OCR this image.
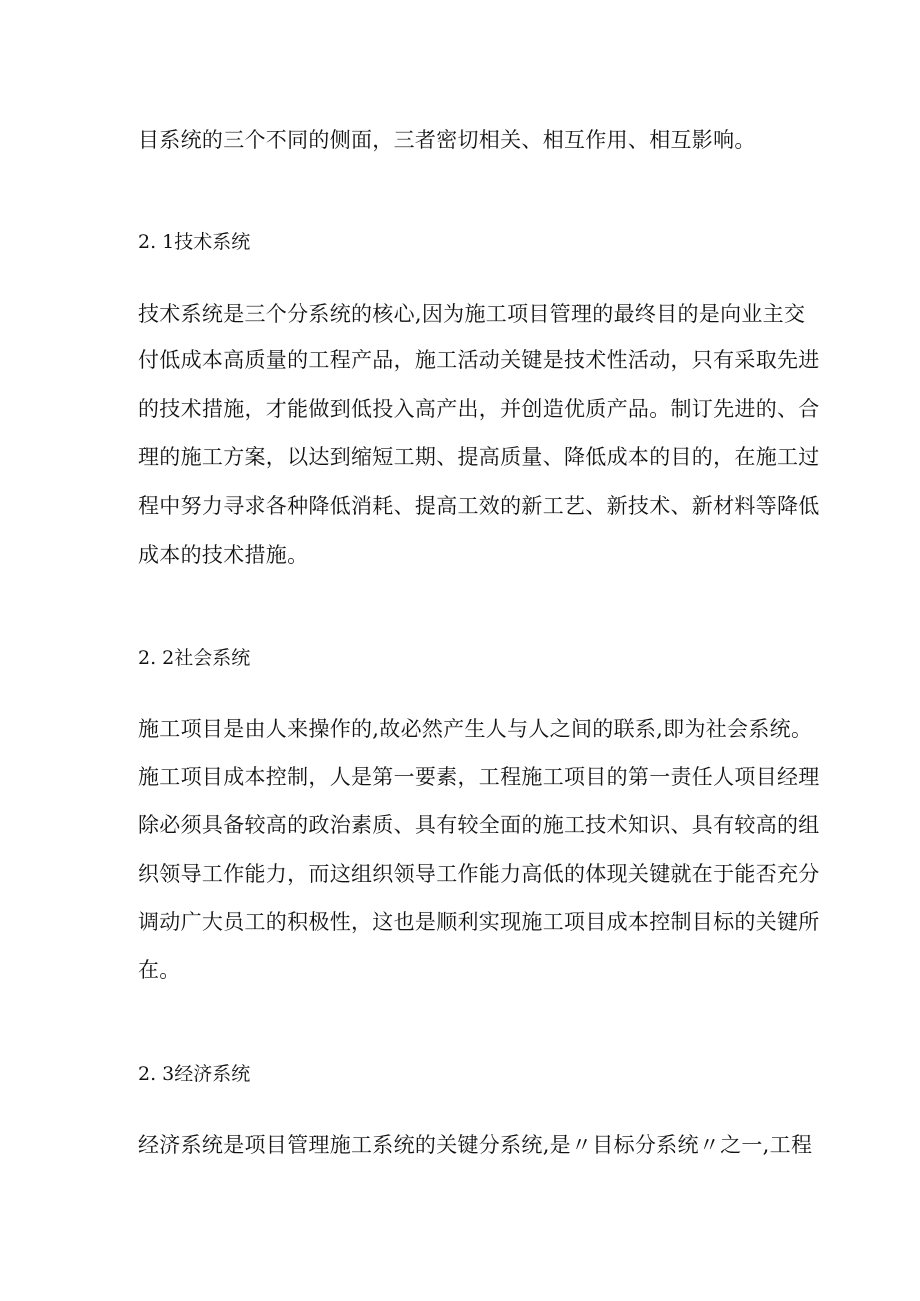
目系统的三个不同的侧面，三者密切相关、相互作用、相互影响。
2. 1技术系统
技术系统是三个分系统的核心,因为施工项目管理的最终目的是向业主交
付低成本高质量的工程产品，施工活动关键是技术性活动，只有采取先进
的技术措施，才能做到低投入高产出，并创造优质产品。制订先进的、合
理的施工方案，以达到缩短工期、提高质量、降低成本的目的，在施工过
程中努力寻求各种降低消耗、提高工效的新工艺、新技术、新材料等降低
成本的技术措施。
2. 2社会系统
施工项目是由人来操作的,故必然产生人与人之间的联系,即为社会系统。
施工项目成本控制，人是第一要素，工程施工项目的第一责任人项目经理
除必须具备较高的政治素质、具有较全面的施工技术知识、具有较高的组
织领导工作能力，而这组织领导工作能力高低的体现关键就在于能否充分
调动广大员工的积极性，这也是顺利实现施工项目成本控制目标的关键所
在。
2. 3经济系统
经济系统是项目管理施工系统的关键分系统,是〃目标分系统〃之一,工程
